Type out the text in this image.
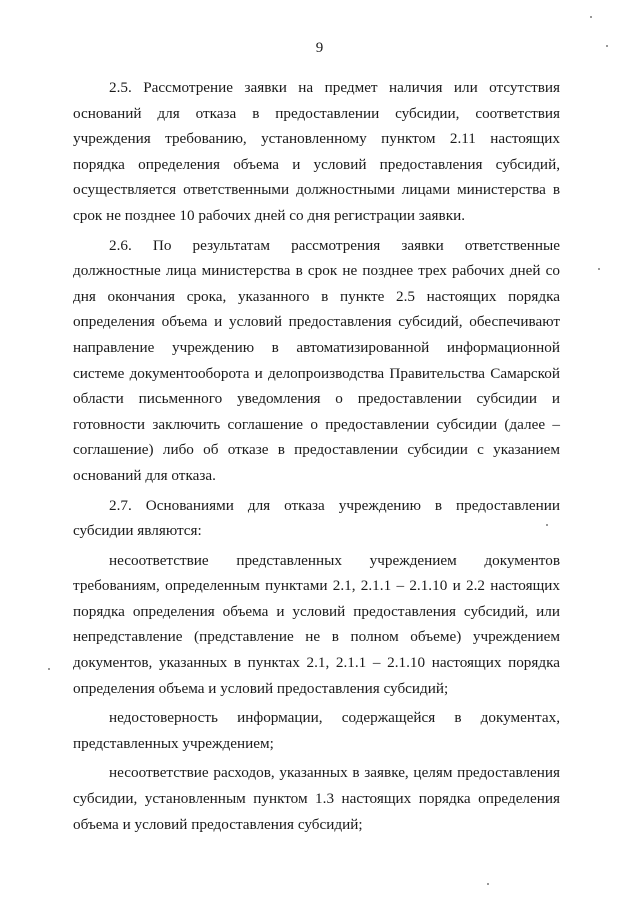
9

2.5. Рассмотрение заявки на предмет наличия или отсутствия оснований для отказа в предоставлении субсидии, соответствия учреждения требованию, установленному пунктом 2.11 настоящих порядка определения объема и условий предоставления субсидий, осуществляется ответственными должностными лицами министерства в срок не позднее 10 рабочих дней со дня регистрации заявки.

2.6. По результатам рассмотрения заявки ответственные должностные лица министерства в срок не позднее трех рабочих дней со дня окончания срока, указанного в пункте 2.5 настоящих порядка определения объема и условий предоставления субсидий, обеспечивают направление учреждению в автоматизированной информационной системе документооборота и делопроизводства Правительства Самарской области письменного уведомления о предоставлении субсидии и готовности заключить соглашение о предоставлении субсидии (далее – соглашение) либо об отказе в предоставлении субсидии с указанием оснований для отказа.

2.7. Основаниями для отказа учреждению в предоставлении субсидии являются:

несоответствие представленных учреждением документов требованиям, определенным пунктами 2.1, 2.1.1 – 2.1.10 и 2.2 настоящих порядка определения объема и условий предоставления субсидий, или непредставление (представление не в полном объеме) учреждением документов, указанных в пунктах 2.1, 2.1.1 – 2.1.10 настоящих порядка определения объема и условий предоставления субсидий;

недостоверность информации, содержащейся в документах, представленных учреждением;

несоответствие расходов, указанных в заявке, целям предоставления субсидии, установленным пунктом 1.3 настоящих порядка определения объема и условий предоставления субсидий;
